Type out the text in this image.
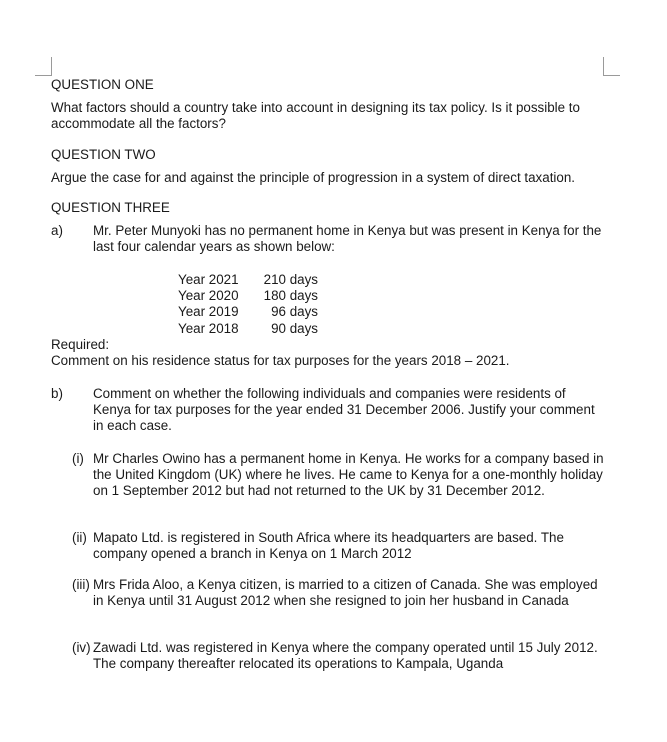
QUESTION ONE
What factors should a country take into account in designing its tax policy. Is it possible to accommodate all the factors?
QUESTION TWO
Argue the case for and against the principle of progression in a system of direct taxation.
QUESTION THREE
a) Mr. Peter Munyoki has no permanent home in Kenya but was present in Kenya for the last four calendar years as shown below:
Year 2021	210 days
Year 2020	180 days
Year 2019	96 days
Year 2018	90 days
Required:
Comment on his residence status for tax purposes for the years 2018 – 2021.
b) Comment on whether the following individuals and companies were residents of Kenya for tax purposes for the year ended 31 December 2006. Justify your comment in each case.
(i) Mr Charles Owino has a permanent home in Kenya. He works for a company based in the United Kingdom (UK) where he lives. He came to Kenya for a one-monthly holiday on 1 September 2012 but had not returned to the UK by 31 December 2012.
(ii) Mapato Ltd. is registered in South Africa where its headquarters are based. The company opened a branch in Kenya on 1 March 2012
(iii) Mrs Frida Aloo, a Kenya citizen, is married to a citizen of Canada. She was employed in Kenya until 31 August 2012 when she resigned to join her husband in Canada
(iv) Zawadi Ltd. was registered in Kenya where the company operated until 15 July 2012. The company thereafter relocated its operations to Kampala, Uganda
